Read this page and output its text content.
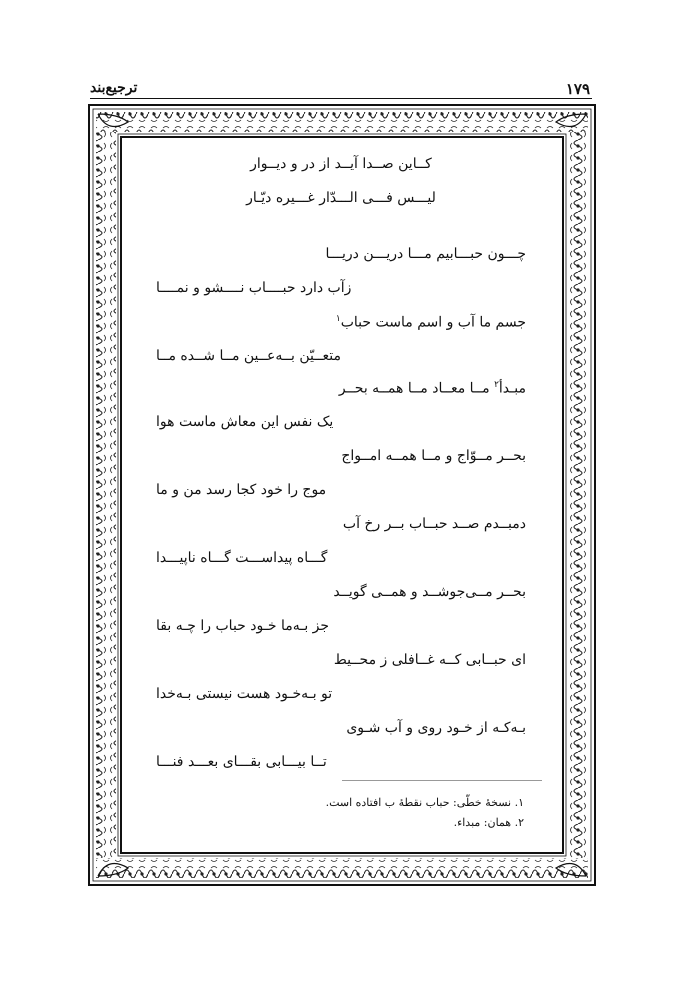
۱۷۹
ترجیع‌بند
کــاین صــدا آیــد از در و دیــوار
لیـــس فـــی الـــدّار غـــیره دیّـار
چـــون حبـــابیم مـــا دریـــن دریـــا
زآب دارد حبــــاب نــــشو و نمــــا
جسم ما آب و اسم ماست حباب$^۱$
متعــیّن بــه‌عــین مــا شــده مــا
مبـدأ$^۲$ مــا معــاد مــا همــه بحــر
یک نفس این معاش ماست هوا
بحــر مــوّاج و مــا همــه امــواج
موج را خود کجا رسد من و ما
دمبــدم صــد حبــاب بــر رخ آب
گـــاه پیداســـت گـــاه ناپیـــدا
بحــر مــی‌جوشــد و همــی گویــد
جز بـه‌ما خـود حباب را چـه بقا
ای حبــابی کــه غــافلی ز محــیط
تو بـه‌خـود هست نیستی بـه‌خدا
بـه‌کـه از خـود روی و آب شـوی
تــا بیـــابی بقـــای بعـــد فنـــا
۱. نسخهٔ خطّی: حباب نقطهٔ ب افتاده است.
۲. همان: مبداء.
